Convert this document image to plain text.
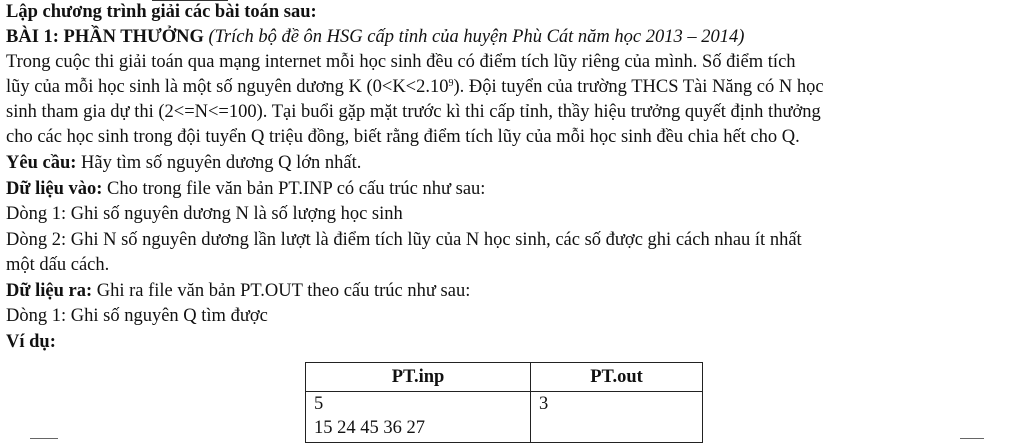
Lập chương trình giải các bài toán sau:
BÀI 1: PHẦN THƯỞNG (Trích bộ đề ôn HSG cấp tỉnh của huyện Phù Cát năm học 2013 – 2014)
Trong cuộc thi giải toán qua mạng internet mỗi học sinh đều có điểm tích lũy riêng của mình. Số điểm tích
lũy của mỗi học sinh là một số nguyên dương K $(0<K<2.10^9)$. Đội tuyển của trường THCS Tài Năng có N học
sinh tham gia dự thi (2<=N<=100). Tại buổi gặp mặt trước kì thi cấp tỉnh, thầy hiệu trưởng quyết định thưởng
cho các học sinh trong đội tuyển Q triệu đồng, biết rằng điểm tích lũy của mỗi học sinh đều chia hết cho Q.
Yêu cầu: Hãy tìm số nguyên dương Q lớn nhất.
Dữ liệu vào: Cho trong file văn bản PT.INP có cấu trúc như sau:
Dòng 1: Ghi số nguyên dương N là số lượng học sinh
Dòng 2: Ghi N số nguyên dương lần lượt là điểm tích lũy của N học sinh, các số được ghi cách nhau ít nhất
một dấu cách.
Dữ liệu ra: Ghi ra file văn bản PT.OUT theo cấu trúc như sau:
Dòng 1: Ghi số nguyên Q tìm được
Ví dụ:
PT.inp	PT.out

5
15 24 45 36 27	3
